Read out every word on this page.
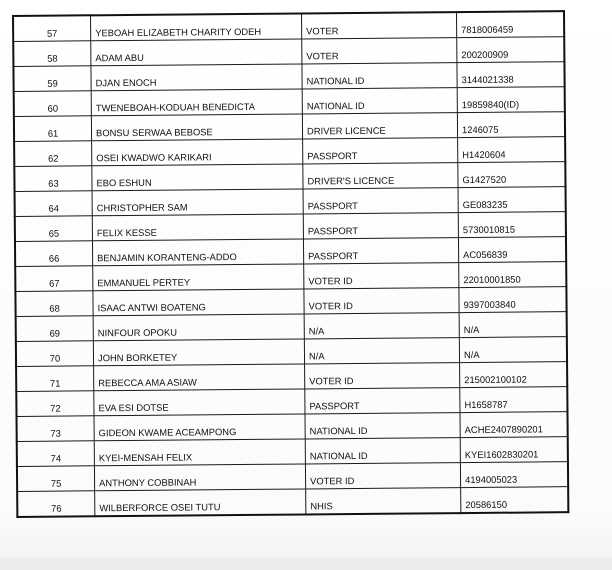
57	YEBOAH ELIZABETH CHARITY ODEH	VOTER	7818006459
58	ADAM ABU	VOTER	200200909
59	DJAN ENOCH	NATIONAL ID	3144021338
60	TWENEBOAH-KODUAH BENEDICTA	NATIONAL ID	19859840(ID)
61	BONSU SERWAA BEBOSE	DRIVER LICENCE	1246075
62	OSEI KWADWO KARIKARI	PASSPORT	H1420604
63	EBO ESHUN	DRIVER'S LICENCE	G1427520
64	CHRISTOPHER SAM	PASSPORT	GE083235
65	FELIX KESSE	PASSPORT	5730010815
66	BENJAMIN KORANTENG-ADDO	PASSPORT	AC056839
67	EMMANUEL PERTEY	VOTER ID	22010001850
68	ISAAC ANTWI BOATENG	VOTER ID	9397003840
69	NINFOUR OPOKU	N/A	N/A
70	JOHN BORKETEY	N/A	N/A
71	REBECCA AMA ASIAW	VOTER ID	215002100102
72	EVA ESI DOTSE	PASSPORT	H1658787
73	GIDEON KWAME ACEAMPONG	NATIONAL ID	ACHE2407890201
74	KYEI-MENSAH FELIX	NATIONAL ID	KYEI1602830201
75	ANTHONY COBBINAH	VOTER ID	4194005023
76	WILBERFORCE OSEI TUTU	NHIS	20586150
